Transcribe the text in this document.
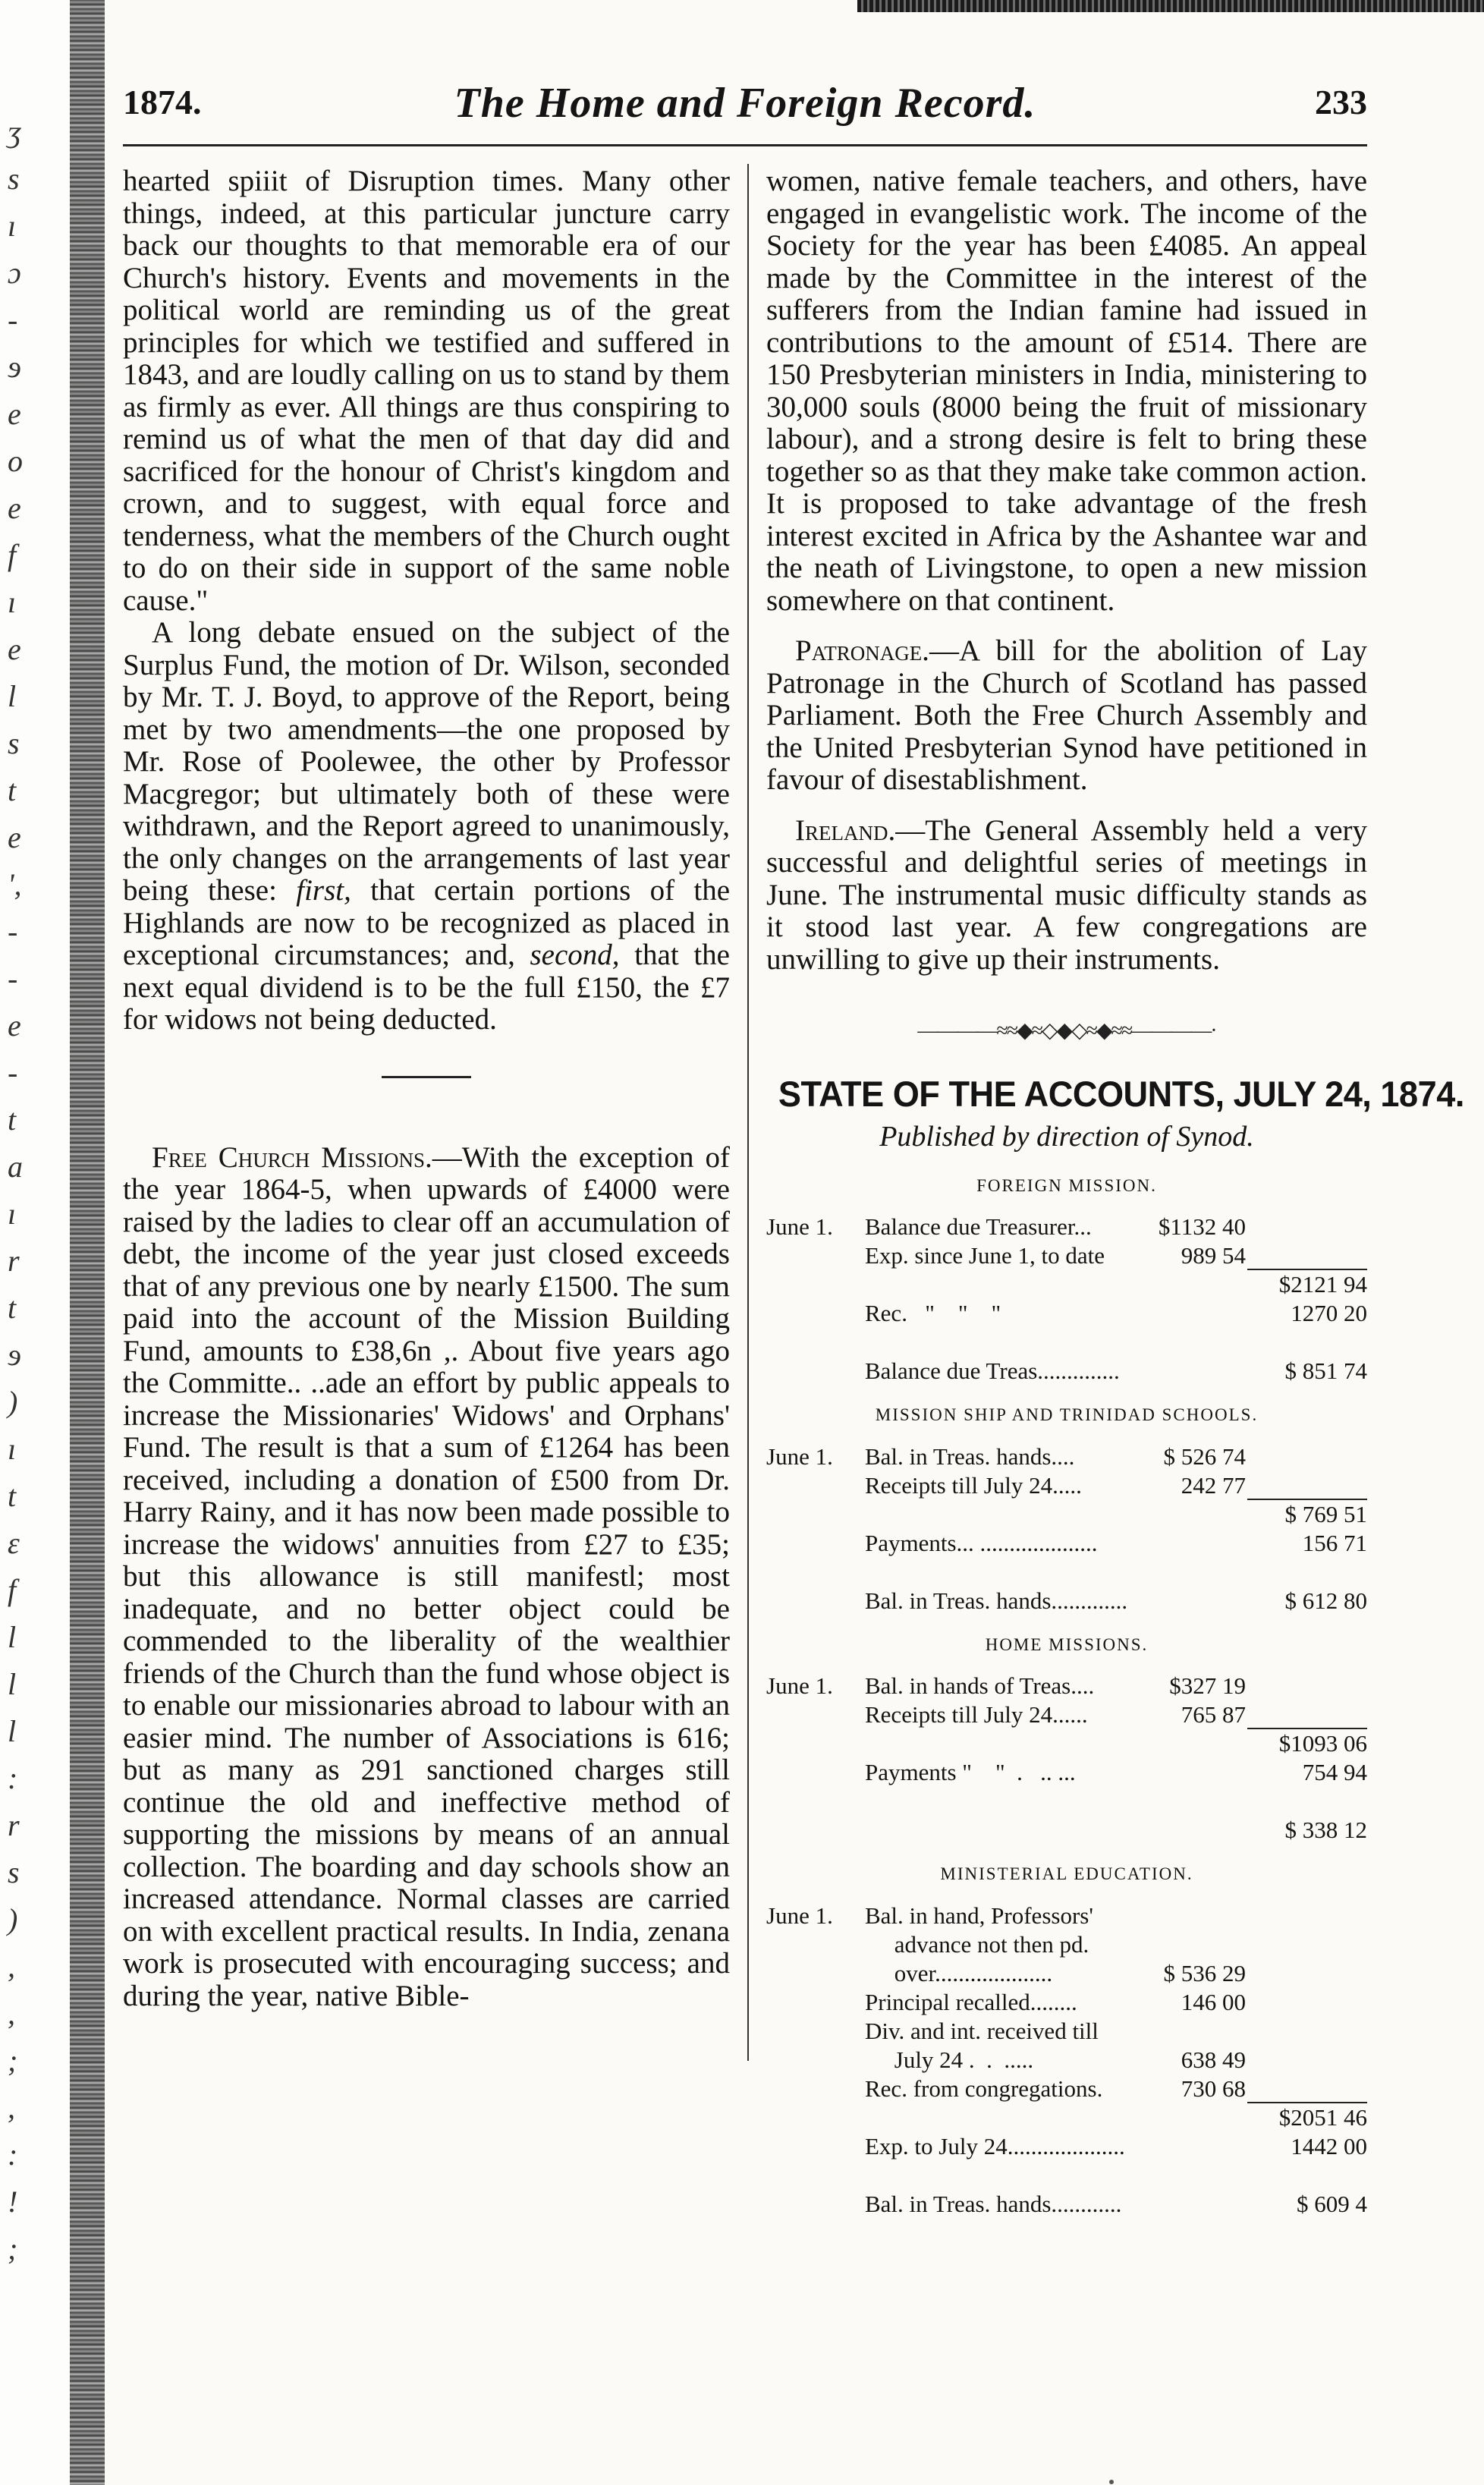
ʒ
s
ı
ɔ
-
ɘ
e
o
e
f
ı
e
l
s
t
e
',
-
-
e
-
t
a
ı
r
t
ɘ
)
ı
t
ɛ
f
l
l
l
:
r
s
)
,
,
;
,
:
!
;
1874.	The Home and Foreign Record.	233

hearted spiiit of Disruption times. Many other things, indeed, at this particular juncture carry back our thoughts to that memorable era of our Church's history. Events and movements in the political world are reminding us of the great principles for which we testified and suffered in 1843, and are loudly calling on us to stand by them as firmly as ever. All things are thus conspiring to remind us of what the men of that day did and sacrificed for the honour of Christ's kingdom and crown, and to suggest, with equal force and tenderness, what the members of the Church ought to do on their side in support of the same noble cause."

A long debate ensued on the subject of the Surplus Fund, the motion of Dr. Wilson, seconded by Mr. T. J. Boyd, to approve of the Report, being met by two amendments—the one proposed by Mr. Rose of Poolewee, the other by Professor Macgregor; but ultimately both of these were withdrawn, and the Report agreed to unanimously, the only changes on the arrangements of last year being these: first, that certain portions of the Highlands are now to be recognized as placed in exceptional circumstances; and, second, that the next equal dividend is to be the full £150, the £7 for widows not being deducted.

Free Church Missions.—With the exception of the year 1864-5, when upwards of £4000 were raised by the ladies to clear off an accumulation of debt, the income of the year just closed exceeds that of any previous one by nearly £1500. The sum paid into the account of the Mission Building Fund, amounts to £38,6n ,. About five years ago the Committe.. ..ade an effort by public appeals to increase the Missionaries' Widows' and Orphans' Fund. The result is that a sum of £1264 has been received, including a donation of £500 from Dr. Harry Rainy, and it has now been made possible to increase the widows' annuities from £27 to £35; but this allowance is still manifestl; most inadequate, and no better object could be commended to the liberality of the wealthier friends of the Church than the fund whose object is to enable our missionaries abroad to labour with an easier mind. The number of Associations is 616; but as many as 291 sanctioned charges still continue the old and ineffective method of supporting the missions by means of an annual collection. The boarding and day schools show an increased attendance. Normal classes are carried on with excellent practical results. In India, zenana work is prosecuted with encouraging success; and during the year, native Bible-

women, native female teachers, and others, have engaged in evangelistic work. The income of the Society for the year has been £4085. An appeal made by the Committee in the interest of the sufferers from the Indian famine had issued in contributions to the amount of £514. There are 150 Presbyterian ministers in India, ministering to 30,000 souls (8000 being the fruit of missionary labour), and a strong desire is felt to bring these together so as that they make take common action. It is proposed to take advantage of the fresh interest excited in Africa by the Ashantee war and the neath of Livingstone, to open a new mission somewhere on that continent.

Patronage.—A bill for the abolition of Lay Patronage in the Church of Scotland has passed Parliament. Both the Free Church Assembly and the United Presbyterian Synod have petitioned in favour of disestablishment.

Ireland.—The General Assembly held a very successful and delightful series of meetings in June. The instrumental music difficulty stands as it stood last year. A few congregations are unwilling to give up their instruments.

————≈≈◆≈◇◆◇≈◆≈≈————·
STATE OF THE ACCOUNTS, JULY 24, 1874.
Published by direction of Synod.
FOREIGN MISSION.
June 1. Balance due Treasurer...	$1132 40
Exp. since June 1, to date	989 54
$2121 94
Rec.   "    "    "	1270 20
Balance due Treas..............	$ 851 74
MISSION SHIP AND TRINIDAD SCHOOLS.
June 1. Bal. in Treas. hands....	$ 526 74
Receipts till July 24.....	242 77
$ 769 51
Payments... ....................	156 71
Bal. in Treas. hands.............	$ 612 80
HOME MISSIONS.
June 1. Bal. in hands of Treas....	$327 19
Receipts till July 24......	765 87
$1093 06
Payments "    "  .   .. ...	754 94
$ 338 12
MINISTERIAL EDUCATION.
June 1. Bal. in hand, Professors'
advance not then pd.
over....................	$ 536 29
Principal recalled........	146 00
Div. and int. received till
July 24 .  .  .....	638 49
Rec. from congregations.	730 68
$2051 46
Exp. to July 24....................	1442 00
Bal. in Treas. hands............	$ 609 4
